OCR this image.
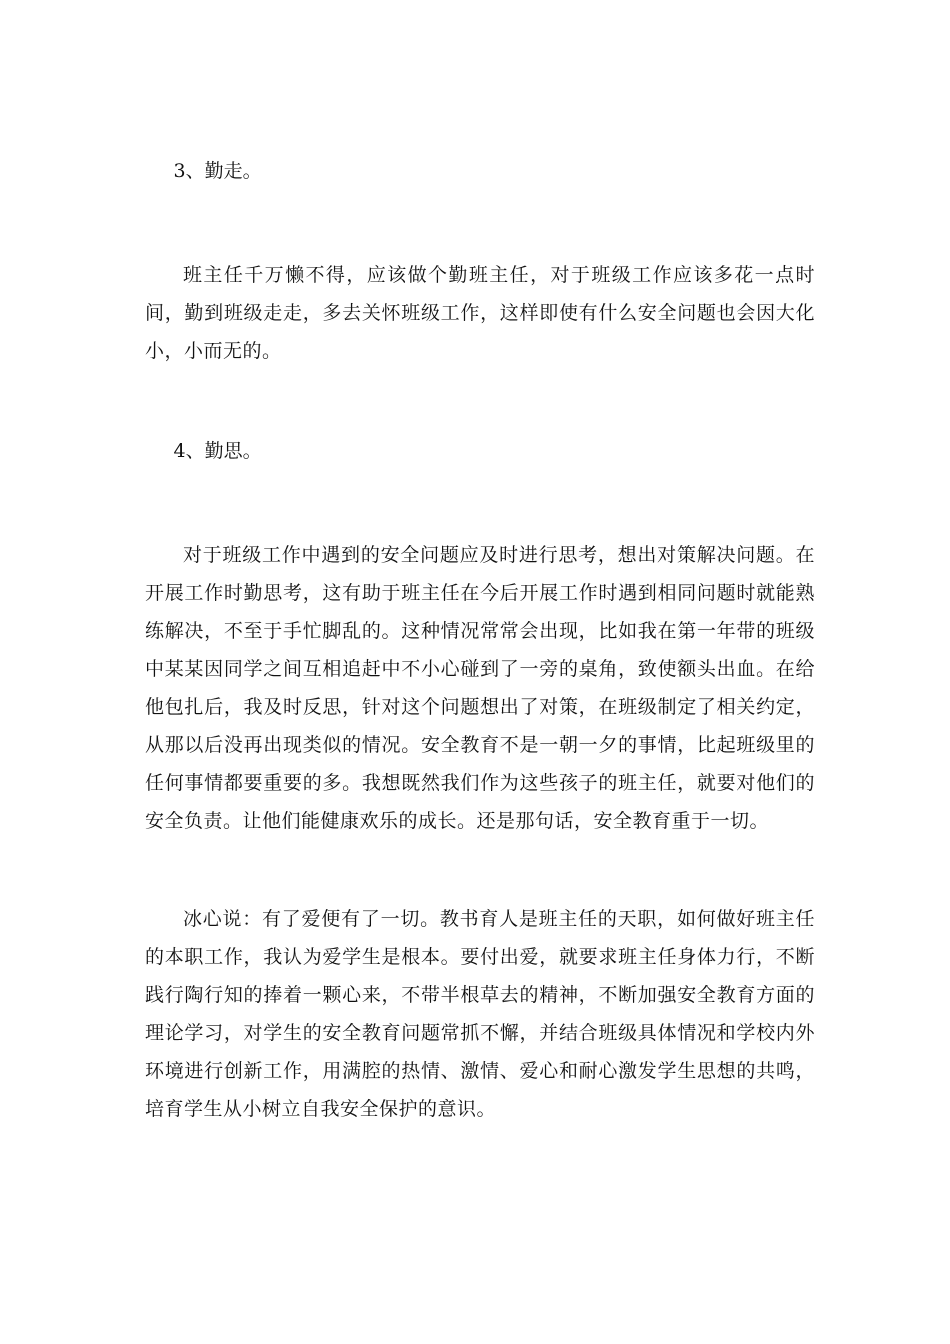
3、勤走。

班主任千万懒不得，应该做个勤班主任，对于班级工作应该多花一点时间，勤到班级走走，多去关怀班级工作，这样即使有什么安全问题也会因大化小，小而无的。

4、勤思。

对于班级工作中遇到的安全问题应及时进行思考，想出对策解决问题。在开展工作时勤思考，这有助于班主任在今后开展工作时遇到相同问题时就能熟练解决，不至于手忙脚乱的。这种情况常常会出现，比如我在第一年带的班级中某某因同学之间互相追赶中不小心碰到了一旁的桌角，致使额头出血。在给他包扎后，我及时反思，针对这个问题想出了对策，在班级制定了相关约定，从那以后没再出现类似的情况。安全教育不是一朝一夕的事情，比起班级里的任何事情都要重要的多。我想既然我们作为这些孩子的班主任，就要对他们的安全负责。让他们能健康欢乐的成长。还是那句话，安全教育重于一切。

冰心说：有了爱便有了一切。教书育人是班主任的天职，如何做好班主任的本职工作，我认为爱学生是根本。要付出爱，就要求班主任身体力行，不断践行陶行知的捧着一颗心来，不带半根草去的精神，不断加强安全教育方面的理论学习，对学生的安全教育问题常抓不懈，并结合班级具体情况和学校内外环境进行创新工作，用满腔的热情、激情、爱心和耐心激发学生思想的共鸣，培育学生从小树立自我安全保护的意识。
